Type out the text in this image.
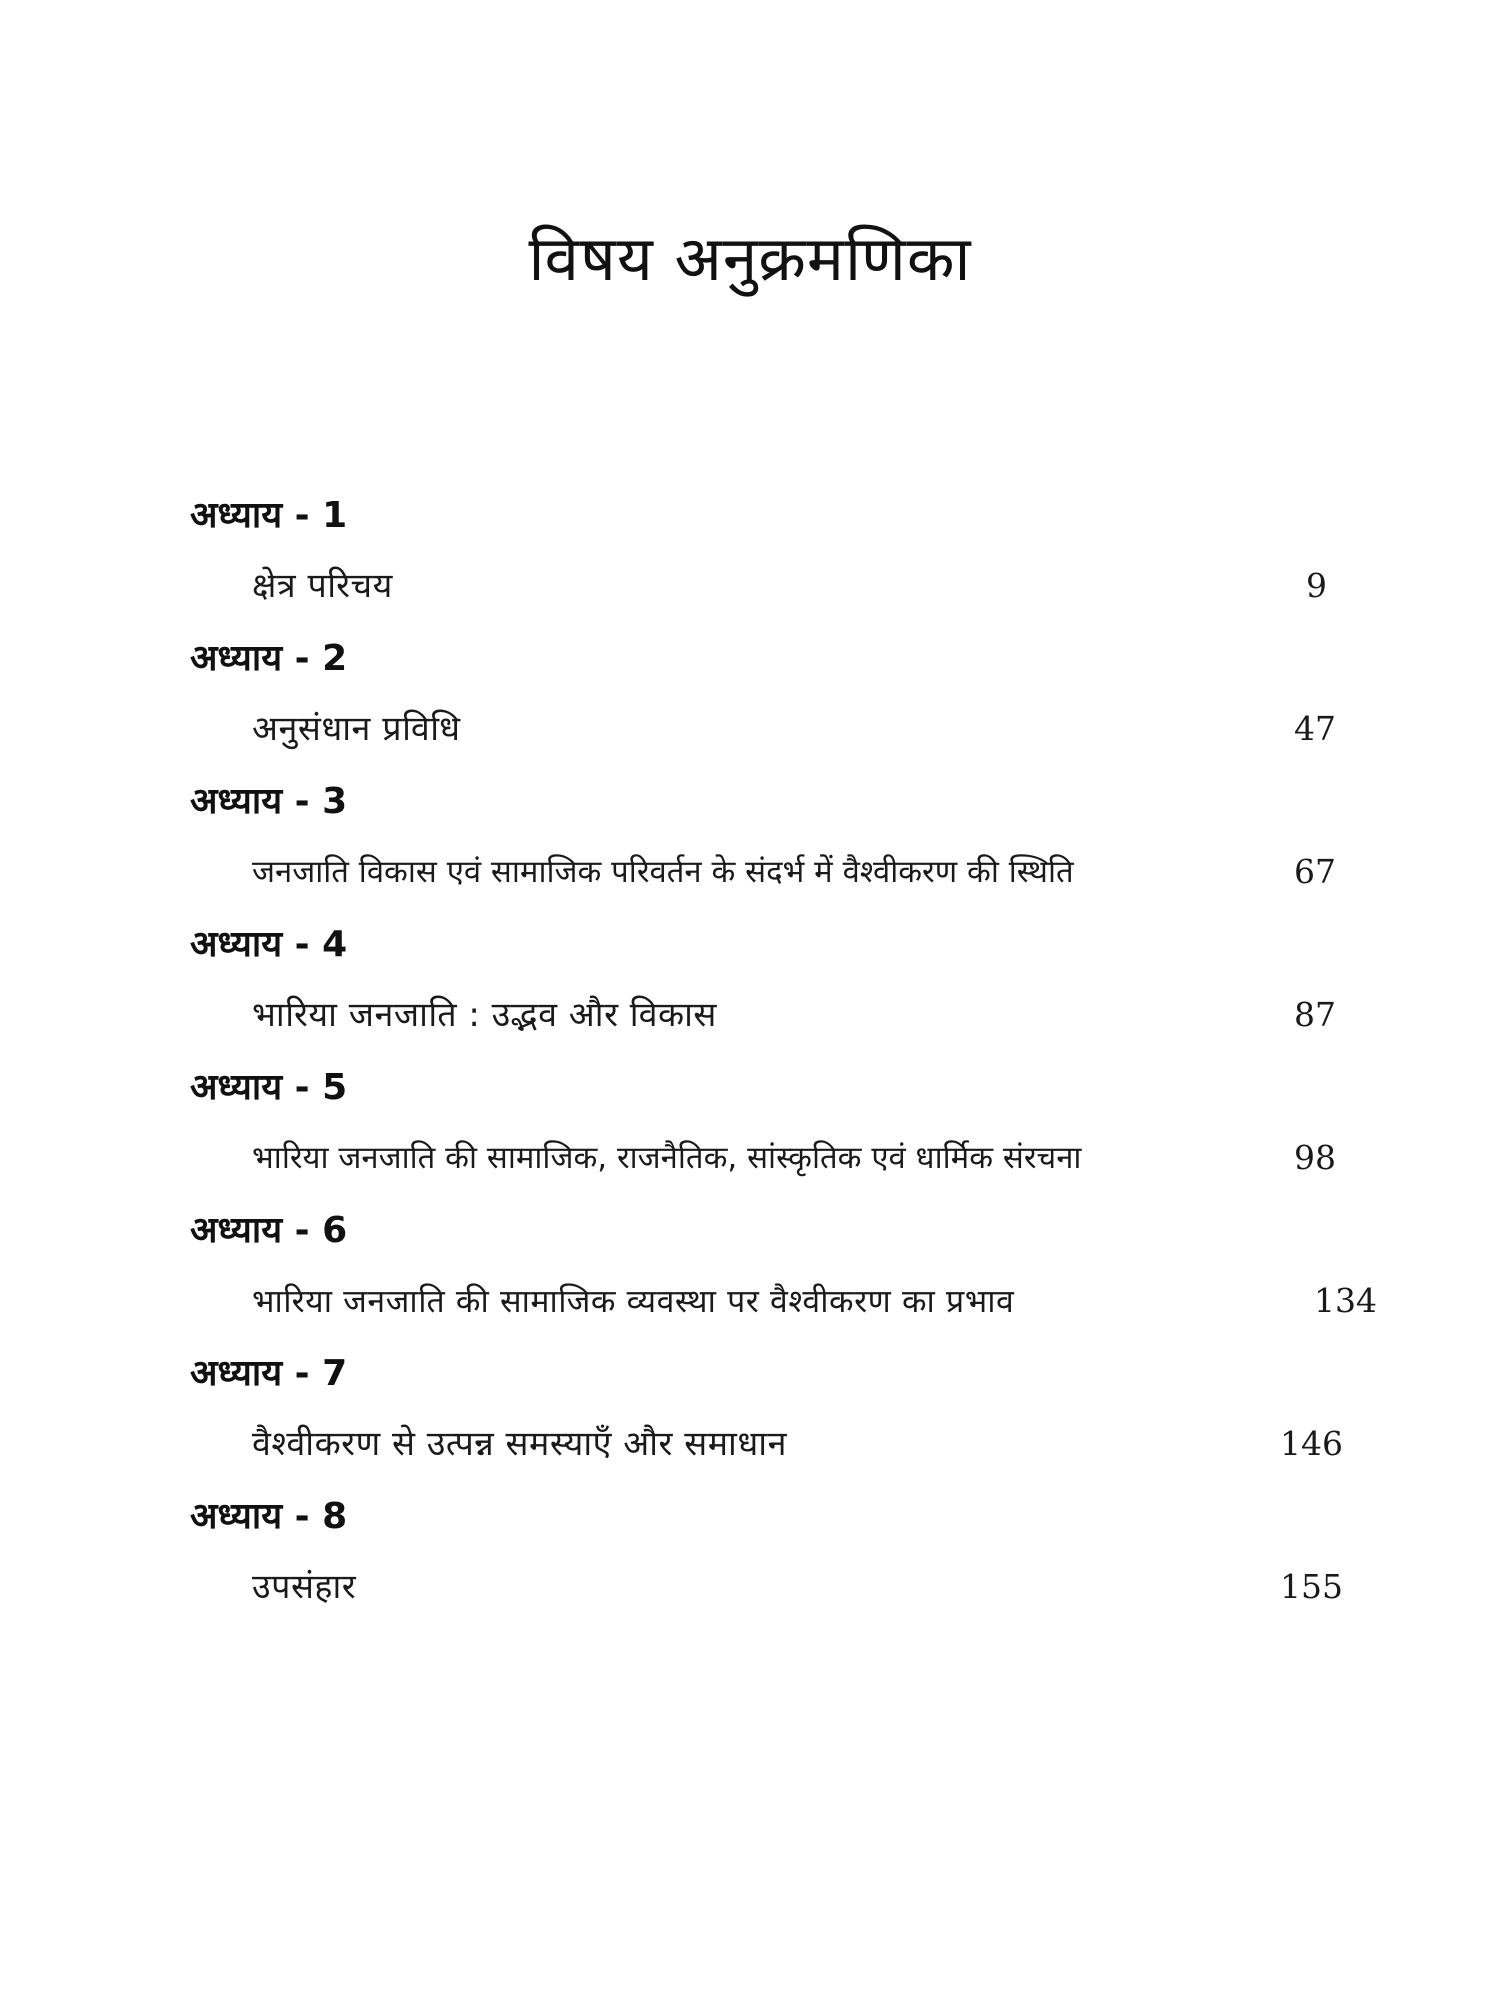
विषय अनुक्रमणिका
अध्याय - 1
क्षेत्र परिचय	9
अध्याय - 2
अनुसंधान प्रविधि	47
अध्याय - 3
जनजाति विकास एवं सामाजिक परिवर्तन के संदर्भ में वैश्वीकरण की स्थिति	67
अध्याय - 4
भारिया जनजाति : उद्भव और विकास	87
अध्याय - 5
भारिया जनजाति की सामाजिक, राजनैतिक, सांस्कृतिक एवं धार्मिक संरचना	98
अध्याय - 6
भारिया जनजाति की सामाजिक व्यवस्था पर वैश्वीकरण का प्रभाव	134
अध्याय - 7
वैश्वीकरण से उत्पन्न समस्याएँ और समाधान	146
अध्याय - 8
उपसंहार	155
